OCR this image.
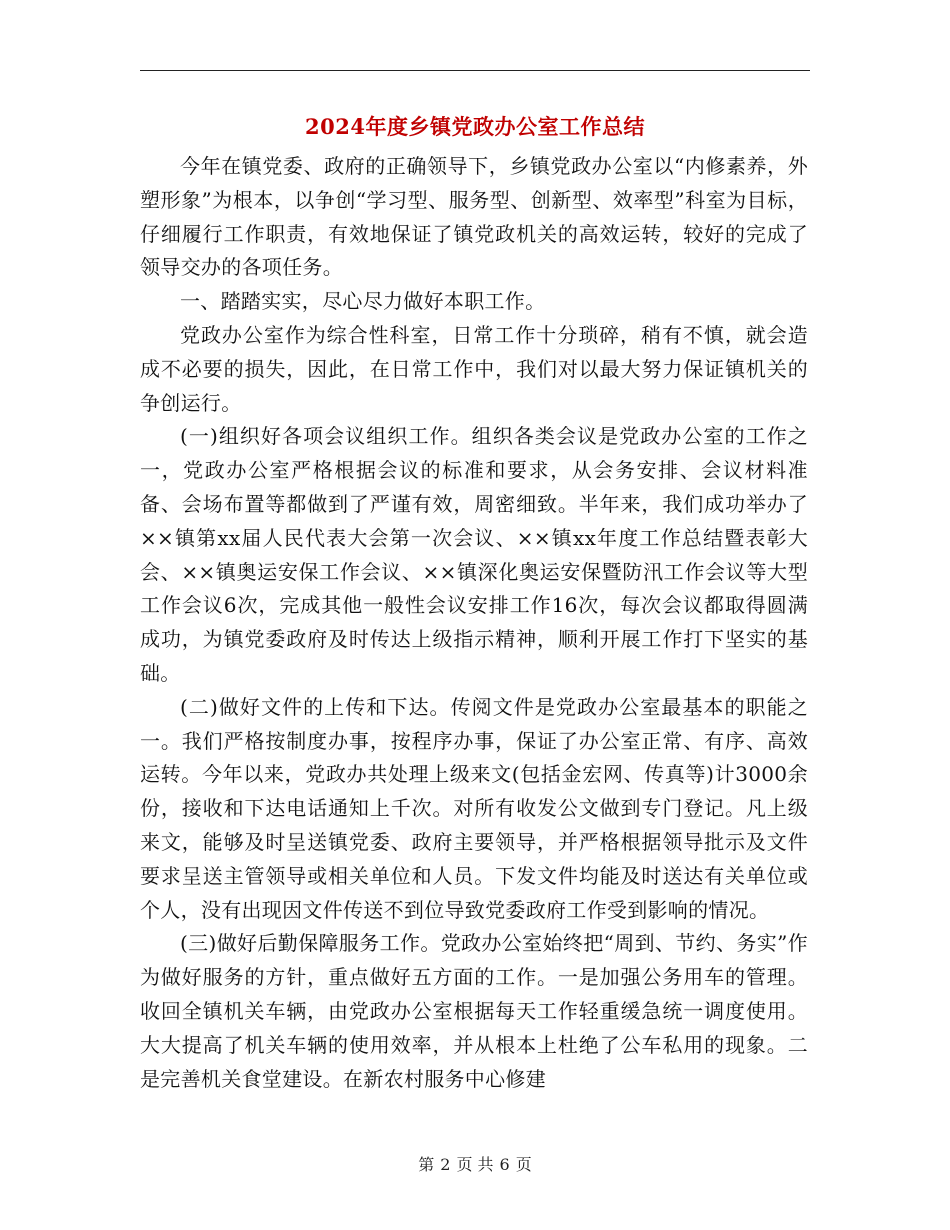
2024年度乡镇党政办公室工作总结

今年在镇党委、政府的正确领导下，乡镇党政办公室以“内修素养，外塑形象”为根本，以争创“学习型、服务型、创新型、效率型”科室为目标，仔细履行工作职责，有效地保证了镇党政机关的高效运转，较好的完成了领导交办的各项任务。

一、踏踏实实，尽心尽力做好本职工作。

党政办公室作为综合性科室，日常工作十分琐碎，稍有不慎，就会造成不必要的损失，因此，在日常工作中，我们对以最大努力保证镇机关的争创运行。

(一)组织好各项会议组织工作。组织各类会议是党政办公室的工作之一，党政办公室严格根据会议的标准和要求，从会务安排、会议材料准备、会场布置等都做到了严谨有效，周密细致。半年来，我们成功举办了××镇第xx届人民代表大会第一次会议、××镇xx年度工作总结暨表彰大会、××镇奥运安保工作会议、××镇深化奥运安保暨防汛工作会议等大型工作会议6次，完成其他一般性会议安排工作16次，每次会议都取得圆满成功，为镇党委政府及时传达上级指示精神，顺利开展工作打下坚实的基础。

(二)做好文件的上传和下达。传阅文件是党政办公室最基本的职能之一。我们严格按制度办事，按程序办事，保证了办公室正常、有序、高效运转。今年以来，党政办共处理上级来文(包括金宏网、传真等)计3000余份，接收和下达电话通知上千次。对所有收发公文做到专门登记。凡上级来文，能够及时呈送镇党委、政府主要领导，并严格根据领导批示及文件要求呈送主管领导或相关单位和人员。下发文件均能及时送达有关单位或个人，没有出现因文件传送不到位导致党委政府工作受到影响的情况。

(三)做好后勤保障服务工作。党政办公室始终把“周到、节约、务实”作为做好服务的方针，重点做好五方面的工作。一是加强公务用车的管理。收回全镇机关车辆，由党政办公室根据每天工作轻重缓急统一调度使用。大大提高了机关车辆的使用效率，并从根本上杜绝了公车私用的现象。二是完善机关食堂建设。在新农村服务中心修建

第 2 页 共 6 页
